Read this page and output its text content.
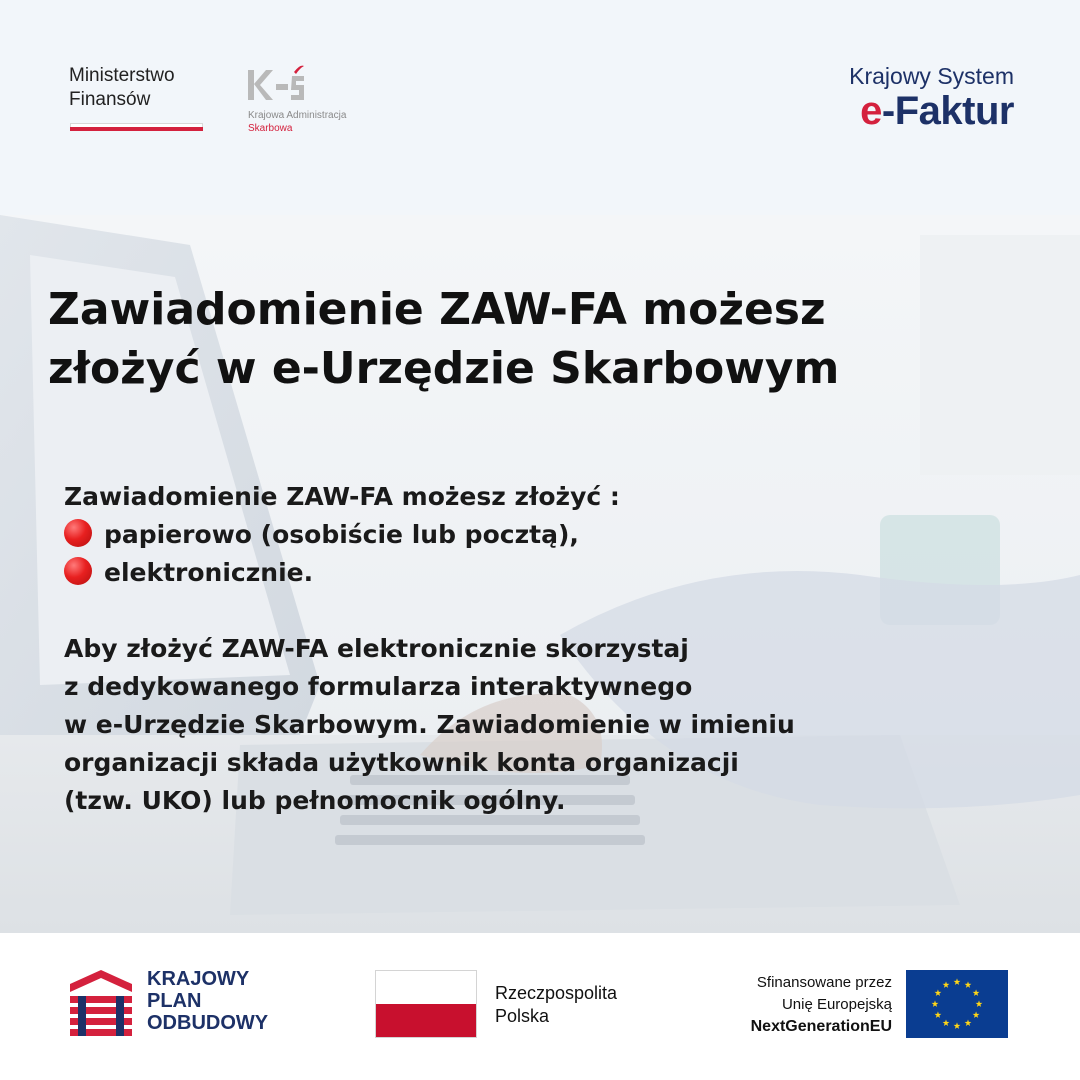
Ministerstwo
Finansów
Krajowa Administracja
Skarbowa
Krajowy System
e-Faktur
Zawiadomienie ZAW-FA możesz
złożyć w e-Urzędzie Skarbowym
Zawiadomienie ZAW-FA możesz złożyć :
papierowo (osobiście lub pocztą),
elektronicznie.
Aby złożyć ZAW-FA elektronicznie skorzystaj
z dedykowanego formularza interaktywnego
w e-Urzędzie Skarbowym. Zawiadomienie w imieniu
organizacji składa użytkownik konta organizacji
(tzw. UKO) lub pełnomocnik ogólny.
KRAJOWY
PLAN
ODBUDOWY
Rzeczpospolita
Polska
Sfinansowane przez
Unię Europejską
NextGenerationEU
